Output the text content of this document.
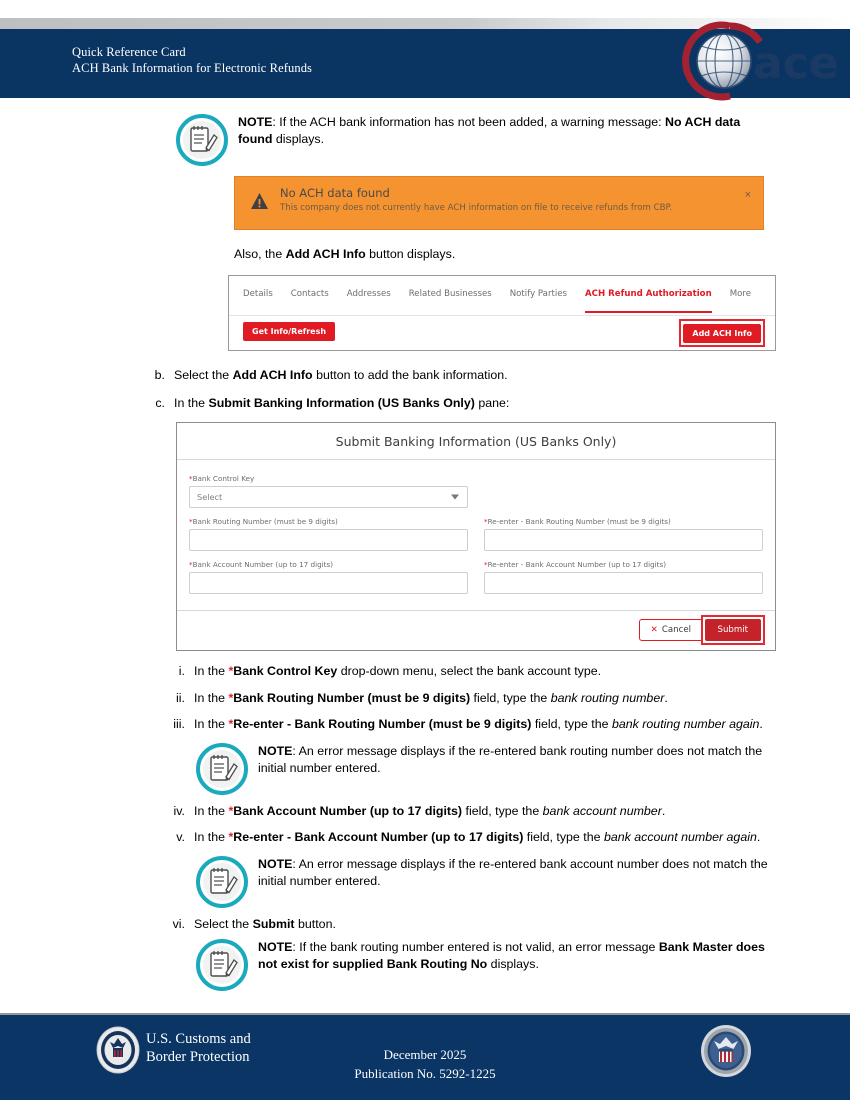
Quick Reference Card
ACH Bank Information for Electronic Refunds	ace
NOTE: If the ACH bank information has not been added, a warning message: No ACH data found displays.
No ACH data found
This company does not currently have ACH information on file to receive refunds from CBP.
×
Also, the Add ACH Info button displays.
Details Contacts Addresses Related Businesses Notify Parties ACH Refund Authorization More
Get Info/Refresh	Add ACH Info
b. Select the Add ACH Info button to add the bank information.
c. In the Submit Banking Information (US Banks Only) pane:
Submit Banking Information (US Banks Only)
*Bank Control Key
Select
*Bank Routing Number (must be 9 digits)	*Re-enter - Bank Routing Number (must be 9 digits)
*Bank Account Number (up to 17 digits)	*Re-enter - Bank Account Number (up to 17 digits)
✕ Cancel	Submit
i. In the *Bank Control Key drop-down menu, select the bank account type.
ii. In the *Bank Routing Number (must be 9 digits) field, type the bank routing number.
iii. In the *Re-enter - Bank Routing Number (must be 9 digits) field, type the bank routing number again.
NOTE: An error message displays if the re-entered bank routing number does not match the initial number entered.
iv. In the *Bank Account Number (up to 17 digits) field, type the bank account number.
v. In the *Re-enter - Bank Account Number (up to 17 digits) field, type the bank account number again.
NOTE: An error message displays if the re-entered bank account number does not match the initial number entered.
vi. Select the Submit button.
NOTE: If the bank routing number entered is not valid, an error message Bank Master does not exist for supplied Bank Routing No displays.
U.S. Customs and
Border Protection	December 2025
Publication No. 5292-1225
